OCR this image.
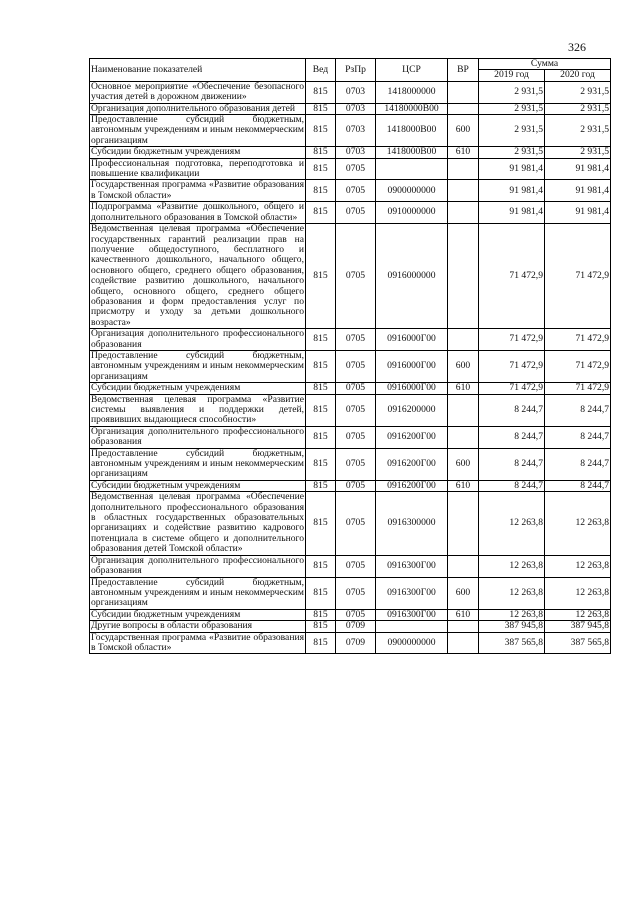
326
Наименование показателей	Вед	РзПр	ЦСР	ВР	Сумма	
					2019 год	2020 год
Основное мероприятие «Обеспечение безопасного участия детей в дорожном движении»	815	0703	1418000000		2 931,5	2 931,5
Организация дополнительного образования детей	815	0703	14180000В00		2 931,5	2 931,5
Предоставление субсидий бюджетным, автономным учреждениям и иным некоммерческим организациям	815	0703	1418000В00	600	2 931,5	2 931,5
Субсидии бюджетным учреждениям	815	0703	1418000В00	610	2 931,5	2 931,5
Профессиональная подготовка, переподготовка и повышение квалификации	815	0705			91 981,4	91 981,4
Государственная программа «Развитие образования в Томской области»	815	0705	0900000000		91 981,4	91 981,4
Подпрограмма «Развитие дошкольного, общего и дополнительного образования в Томской области»	815	0705	0910000000		91 981,4	91 981,4
Ведомственная целевая программа «Обеспечение государственных гарантий реализации прав на получение общедоступного, бесплатного и качественного дошкольного, начального общего, основного общего, среднего общего образования, содействие развитию дошкольного, начального общего, основного общего, среднего общего образования и форм предоставления услуг по присмотру и уходу за детьми дошкольного возраста»	815	0705	0916000000		71 472,9	71 472,9
Организация дополнительного профессионального образования	815	0705	0916000Г00		71 472,9	71 472,9
Предоставление субсидий бюджетным, автономным учреждениям и иным некоммерческим организациям	815	0705	0916000Г00	600	71 472,9	71 472,9
Субсидии бюджетным учреждениям	815	0705	0916000Г00	610	71 472,9	71 472,9
Ведомственная целевая программа «Развитие системы выявления и поддержки детей, проявивших выдающиеся способности»	815	0705	0916200000		8 244,7	8 244,7
Организация дополнительного профессионального образования	815	0705	0916200Г00		8 244,7	8 244,7
Предоставление субсидий бюджетным, автономным учреждениям и иным некоммерческим организациям	815	0705	0916200Г00	600	8 244,7	8 244,7
Субсидии бюджетным учреждениям	815	0705	0916200Г00	610	8 244,7	8 244,7
Ведомственная целевая программа «Обеспечение дополнительного профессионального образования в областных государственных образовательных организациях и содействие развитию кадрового потенциала в системе общего и дополнительного образования детей Томской области»	815	0705	0916300000		12 263,8	12 263,8
Организация дополнительного профессионального образования	815	0705	0916300Г00		12 263,8	12 263,8
Предоставление субсидий бюджетным, автономным учреждениям и иным некоммерческим организациям	815	0705	0916300Г00	600	12 263,8	12 263,8
Субсидии бюджетным учреждениям	815	0705	0916300Г00	610	12 263,8	12 263,8
Другие вопросы в области образования	815	0709			387 945,8	387 945,8
Государственная программа «Развитие образования в Томской области»	815	0709	0900000000		387 565,8	387 565,8
